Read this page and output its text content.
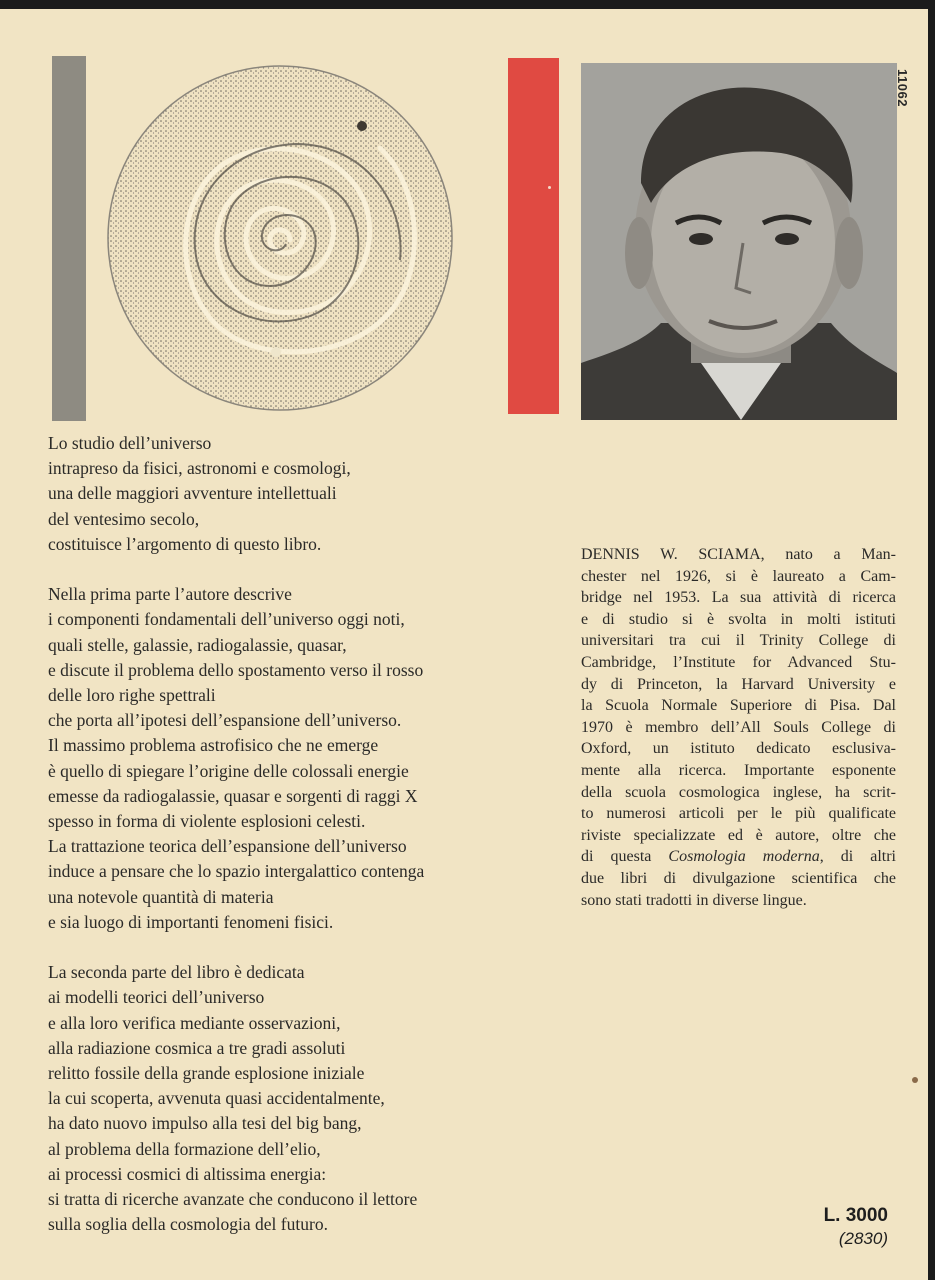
11062

Lo studio dell’universo
intrapreso da fisici, astronomi e cosmologi,
una delle maggiori avventure intellettuali
del ventesimo secolo,
costituisce l’argomento di questo libro.

Nella prima parte l’autore descrive
i componenti fondamentali dell’universo oggi noti,
quali stelle, galassie, radiogalassie, quasar,
e discute il problema dello spostamento verso il rosso
delle loro righe spettrali
che porta all’ipotesi dell’espansione dell’universo.
Il massimo problema astrofisico che ne emerge
è quello di spiegare l’origine delle colossali energie
emesse da radiogalassie, quasar e sorgenti di raggi X
spesso in forma di violente esplosioni celesti.
La trattazione teorica dell’espansione dell’universo
induce a pensare che lo spazio intergalattico contenga
una notevole quantità di materia
e sia luogo di importanti fenomeni fisici.

La seconda parte del libro è dedicata
ai modelli teorici dell’universo
e alla loro verifica mediante osservazioni,
alla radiazione cosmica a tre gradi assoluti
relitto fossile della grande esplosione iniziale
la cui scoperta, avvenuta quasi accidentalmente,
ha dato nuovo impulso alla tesi del big bang,
al problema della formazione dell’elio,
ai processi cosmici di altissima energia:
si tratta di ricerche avanzate che conducono il lettore
sulla soglia della cosmologia del futuro.

DENNIS W. SCIAMA, nato a Man-
chester nel 1926, si è laureato a Cam-
bridge nel 1953. La sua attività di ricerca
e di studio si è svolta in molti istituti
universitari tra cui il Trinity College di
Cambridge, l’Institute for Advanced Stu-
dy di Princeton, la Harvard University e
la Scuola Normale Superiore di Pisa. Dal
1970 è membro dell’All Souls College di
Oxford, un istituto dedicato esclusiva-
mente alla ricerca. Importante esponente
della scuola cosmologica inglese, ha scrit-
to numerosi articoli per le più qualificate
riviste specializzate ed è autore, oltre che
di questa Cosmologia moderna, di altri
due libri di divulgazione scientifica che
sono stati tradotti in diverse lingue.
L. 3000
(2830)
